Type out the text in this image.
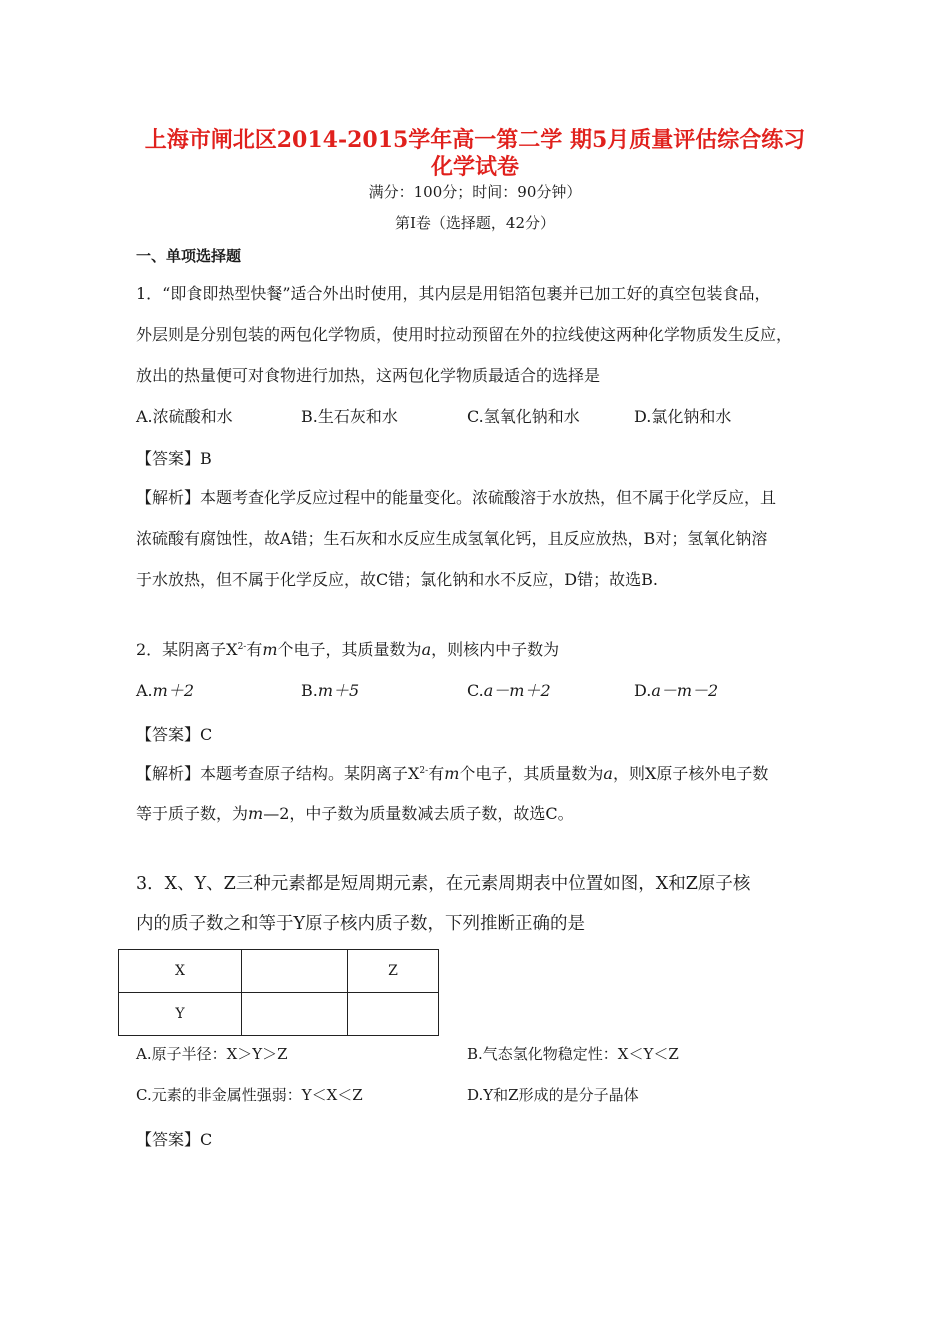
上海市闸北区2014-2015学年高一第二学 期5月质量评估综合练习
化学试卷
满分：100分；时间：90分钟）
第Ⅰ卷（选择题，42分）
一、单项选择题
1．“即食即热型快餐”适合外出时使用，其内层是用铝箔包裹并已加工好的真空包装食品，
外层则是分别包装的两包化学物质，使用时拉动预留在外的拉线使这两种化学物质发生反应，
放出的热量便可对食物进行加热，这两包化学物质最适合的选择是
A.浓硫酸和水	B.生石灰和水	C.氢氧化钠和水	D.氯化钠和水
【答案】B
【解析】本题考查化学反应过程中的能量变化。浓硫酸溶于水放热，但不属于化学反应，且
浓硫酸有腐蚀性，故A错；生石灰和水反应生成氢氧化钙，且反应放热，B对；氢氧化钠溶
于水放热，但不属于化学反应，故C错；氯化钠和水不反应，D错；故选B.
2．某阴离子$X^{2-}$有m个电子，其质量数为a，则核内中子数为
A.m＋2	B.m＋5	C.a－m＋2	D.a－m－2
【答案】C
【解析】本题考查原子结构。某阴离子$X^{2-}$有m个电子，其质量数为a，则X原子核外电子数
等于质子数，为m—2，中子数为质量数减去质子数，故选C。
3．X、Y、Z三种元素都是短周期元素，在元素周期表中位置如图，X和Z原子核
内的质子数之和等于Y原子核内质子数，下列推断正确的是
X		Z
Y		
A.原子半径：X＞Y＞Z	B.气态氢化物稳定性：X＜Y＜Z
C.元素的非金属性强弱：Y＜X＜Z	D.Y和Z形成的是分子晶体
【答案】C
